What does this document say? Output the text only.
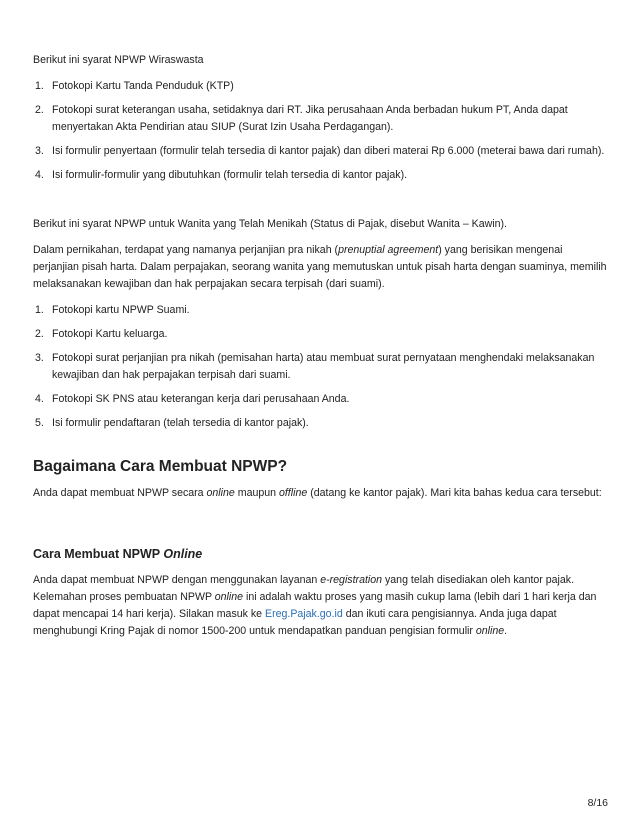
Berikut ini syarat NPWP Wiraswasta

1. Fotokopi Kartu Tanda Penduduk (KTP)
2. Fotokopi surat keterangan usaha, setidaknya dari RT. Jika perusahaan Anda berbadan hukum PT, Anda dapat menyertakan Akta Pendirian atau SIUP (Surat Izin Usaha Perdagangan).
3. Isi formulir penyertaan (formulir telah tersedia di kantor pajak) dan diberi materai Rp 6.000 (meterai bawa dari rumah).
4. Isi formulir-formulir yang dibutuhkan (formulir telah tersedia di kantor pajak).

Berikut ini syarat NPWP untuk Wanita yang Telah Menikah (Status di Pajak, disebut Wanita – Kawin).

Dalam pernikahan, terdapat yang namanya perjanjian pra nikah (prenuptial agreement) yang berisikan mengenai perjanjian pisah harta. Dalam perpajakan, seorang wanita yang memutuskan untuk pisah harta dengan suaminya, memilih melaksanakan kewajiban dan hak perpajakan secara terpisah (dari suami).

1. Fotokopi kartu NPWP Suami.
2. Fotokopi Kartu keluarga.
3. Fotokopi surat perjanjian pra nikah (pemisahan harta) atau membuat surat pernyataan menghendaki melaksanakan kewajiban dan hak perpajakan terpisah dari suami.
4. Fotokopi SK PNS atau keterangan kerja dari perusahaan Anda.
5. Isi formulir pendaftaran (telah tersedia di kantor pajak).
Bagaimana Cara Membuat NPWP?

Anda dapat membuat NPWP secara online maupun offline (datang ke kantor pajak). Mari kita bahas kedua cara tersebut:

Cara Membuat NPWP Online

Anda dapat membuat NPWP dengan menggunakan layanan e-registration yang telah disediakan oleh kantor pajak. Kelemahan proses pembuatan NPWP online ini adalah waktu proses yang masih cukup lama (lebih dari 1 hari kerja dan dapat mencapai 14 hari kerja). Silakan masuk ke Ereg.Pajak.go.id dan ikuti cara pengisiannya. Anda juga dapat menghubungi Kring Pajak di nomor 1500-200 untuk mendapatkan panduan pengisian formulir online.

8/16
